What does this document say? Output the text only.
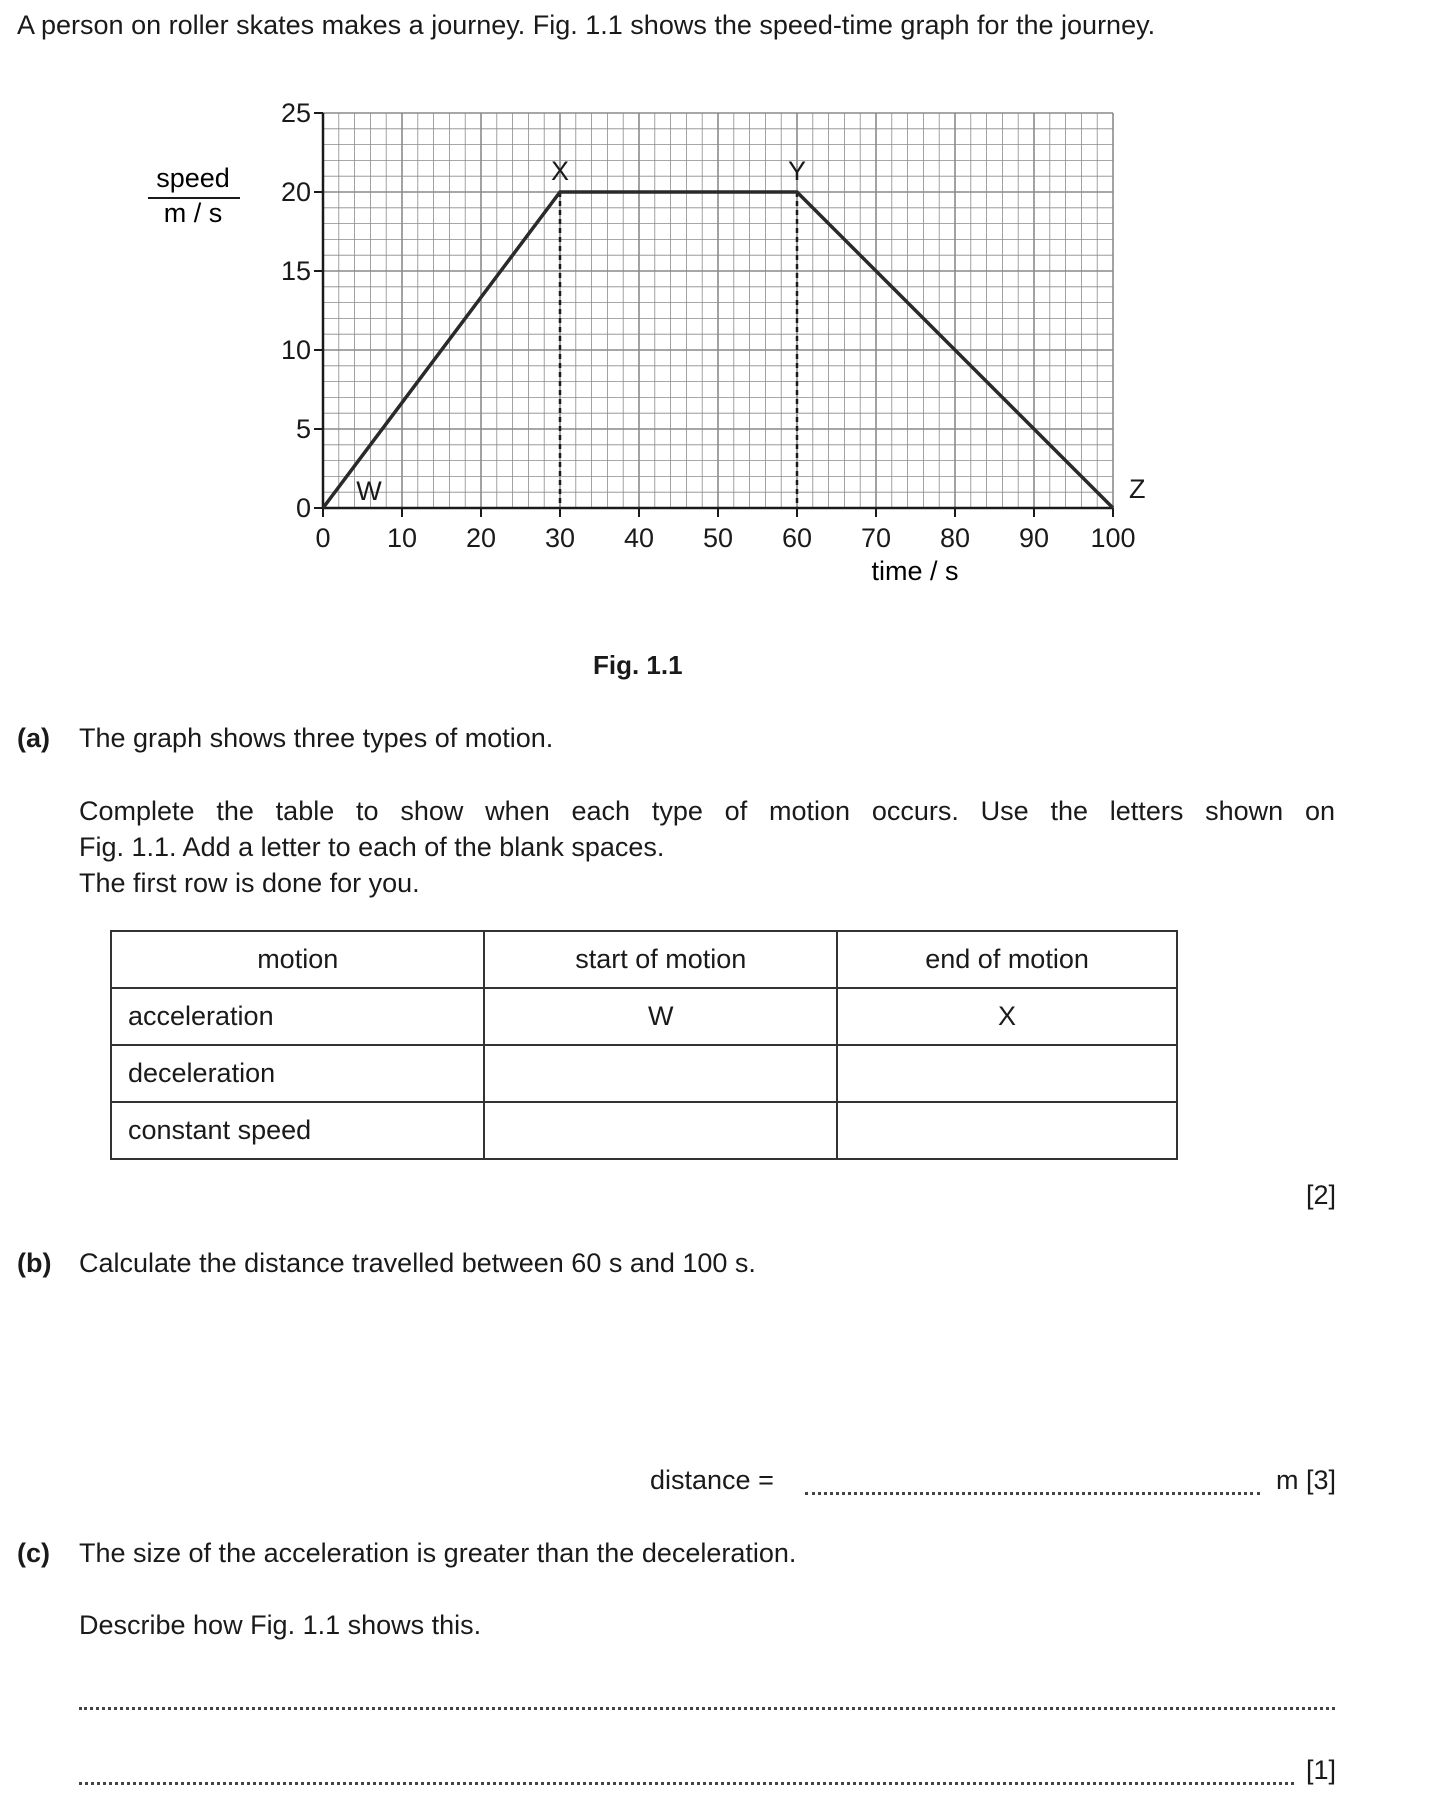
A person on roller skates makes a journey. Fig. 1.1 shows the speed-time graph for the journey.
W
X	Y
Z
0 10 20 30 40 50 60 70 80 90 100
0
5
10
15
20
25
speed
m / s
time / s
Fig. 1.1
(a) The graph shows three types of motion.
Complete the table to show when each type of motion occurs. Use the letters shown on
Fig. 1.1. Add a letter to each of the blank spaces.
The first row is done for you.
motion	start of motion	end of motion
acceleration	W	X
deceleration		
constant speed		
[2]
(b) Calculate the distance travelled between 60 s and 100 s.
distance =	m [3]
(c) The size of the acceleration is greater than the deceleration.
Describe how Fig. 1.1 shows this.
[1]
